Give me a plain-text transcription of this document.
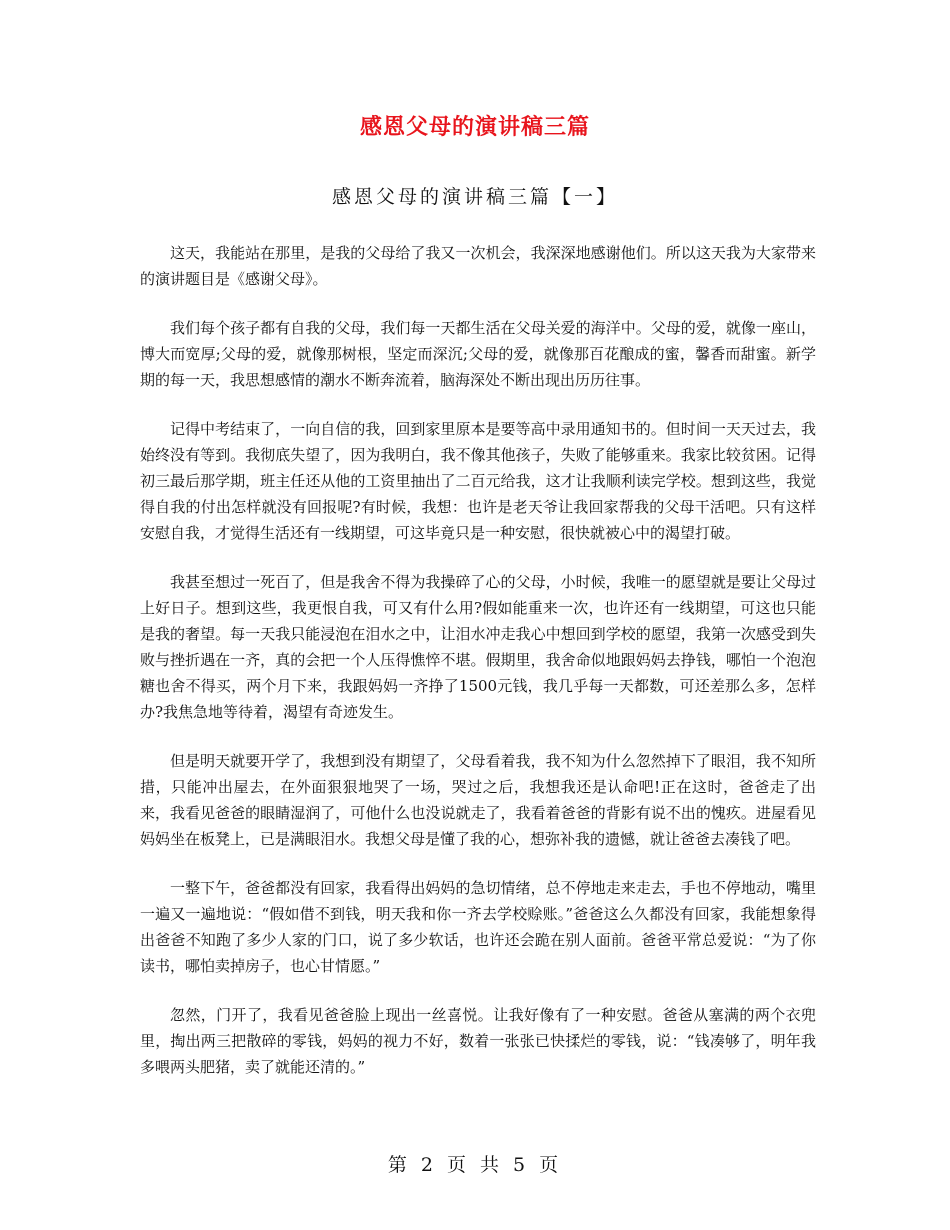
感恩父母的演讲稿三篇
感恩父母的演讲稿三篇【一】

这天，我能站在那里，是我的父母给了我又一次机会，我深深地感谢他们。所以这天我为大家带来的演讲题目是《感谢父母》。

我们每个孩子都有自我的父母，我们每一天都生活在父母关爱的海洋中。父母的爱，就像一座山，博大而宽厚;父母的爱，就像那树根，坚定而深沉;父母的爱，就像那百花酿成的蜜，馨香而甜蜜。新学期的每一天，我思想感情的潮水不断奔流着，脑海深处不断出现出历历往事。

记得中考结束了，一向自信的我，回到家里原本是要等高中录用通知书的。但时间一天天过去，我始终没有等到。我彻底失望了，因为我明白，我不像其他孩子，失败了能够重来。我家比较贫困。记得初三最后那学期，班主任还从他的工资里抽出了二百元给我，这才让我顺利读完学校。想到这些，我觉得自我的付出怎样就没有回报呢?有时候，我想：也许是老天爷让我回家帮我的父母干活吧。只有这样安慰自我，才觉得生活还有一线期望，可这毕竟只是一种安慰，很快就被心中的渴望打破。

我甚至想过一死百了，但是我舍不得为我操碎了心的父母，小时候，我唯一的愿望就是要让父母过上好日子。想到这些，我更恨自我，可又有什么用?假如能重来一次，也许还有一线期望，可这也只能是我的奢望。每一天我只能浸泡在泪水之中，让泪水冲走我心中想回到学校的愿望，我第一次感受到失败与挫折遇在一齐，真的会把一个人压得憔悴不堪。假期里，我舍命似地跟妈妈去挣钱，哪怕一个泡泡糖也舍不得买，两个月下来，我跟妈妈一齐挣了1500元钱，我几乎每一天都数，可还差那么多，怎样办?我焦急地等待着，渴望有奇迹发生。

但是明天就要开学了，我想到没有期望了，父母看着我，我不知为什么忽然掉下了眼泪，我不知所措，只能冲出屋去，在外面狠狠地哭了一场，哭过之后，我想我还是认命吧!正在这时，爸爸走了出来，我看见爸爸的眼睛湿润了，可他什么也没说就走了，我看着爸爸的背影有说不出的愧疚。进屋看见妈妈坐在板凳上，已是满眼泪水。我想父母是懂了我的心，想弥补我的遗憾，就让爸爸去凑钱了吧。

一整下午，爸爸都没有回家，我看得出妈妈的急切情绪，总不停地走来走去，手也不停地动，嘴里一遍又一遍地说：“假如借不到钱，明天我和你一齐去学校赊账。”爸爸这么久都没有回家，我能想象得出爸爸不知跑了多少人家的门口，说了多少软话，也许还会跪在别人面前。爸爸平常总爱说：“为了你读书，哪怕卖掉房子，也心甘情愿。”

忽然，门开了，我看见爸爸脸上现出一丝喜悦。让我好像有了一种安慰。爸爸从塞满的两个衣兜里，掏出两三把散碎的零钱，妈妈的视力不好，数着一张张已快揉烂的零钱，说：“钱凑够了，明年我多喂两头肥猪，卖了就能还清的。”

第 2 页 共 5 页
